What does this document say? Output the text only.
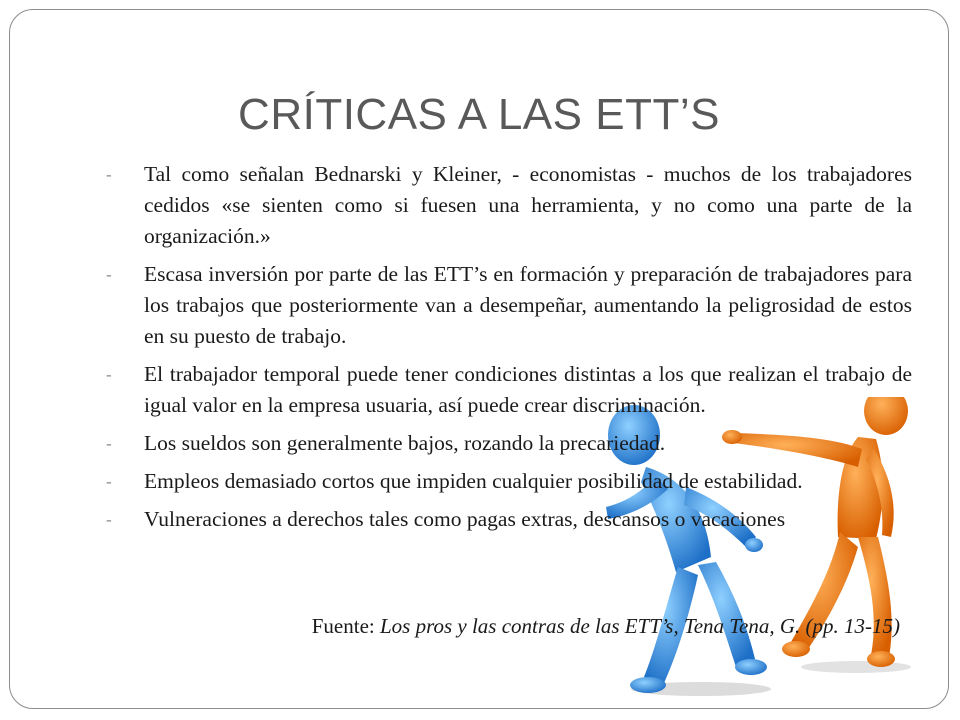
CRÍTICAS A LAS ETT’S
- Tal como señalan Bednarski y Kleiner, - economistas - muchos de los trabajadores cedidos «se sienten como si fuesen una herramienta, y no como una parte de la organización.»
- Escasa inversión por parte de las ETT’s en formación y preparación de trabajadores para los trabajos que posteriormente van a desempeñar, aumentando la peligrosidad de estos en su puesto de trabajo.
- El trabajador temporal puede tener condiciones distintas a los que realizan el trabajo de igual valor en la empresa usuaria, así puede crear discriminación.
- Los sueldos son generalmente bajos, rozando la precariedad.
- Empleos demasiado cortos que impiden cualquier posibilidad de estabilidad.
- Vulneraciones a derechos tales como pagas extras, descansos o vacaciones
Fuente: Los pros y las contras de las ETT’s, Tena Tena, G. (pp. 13-15)
